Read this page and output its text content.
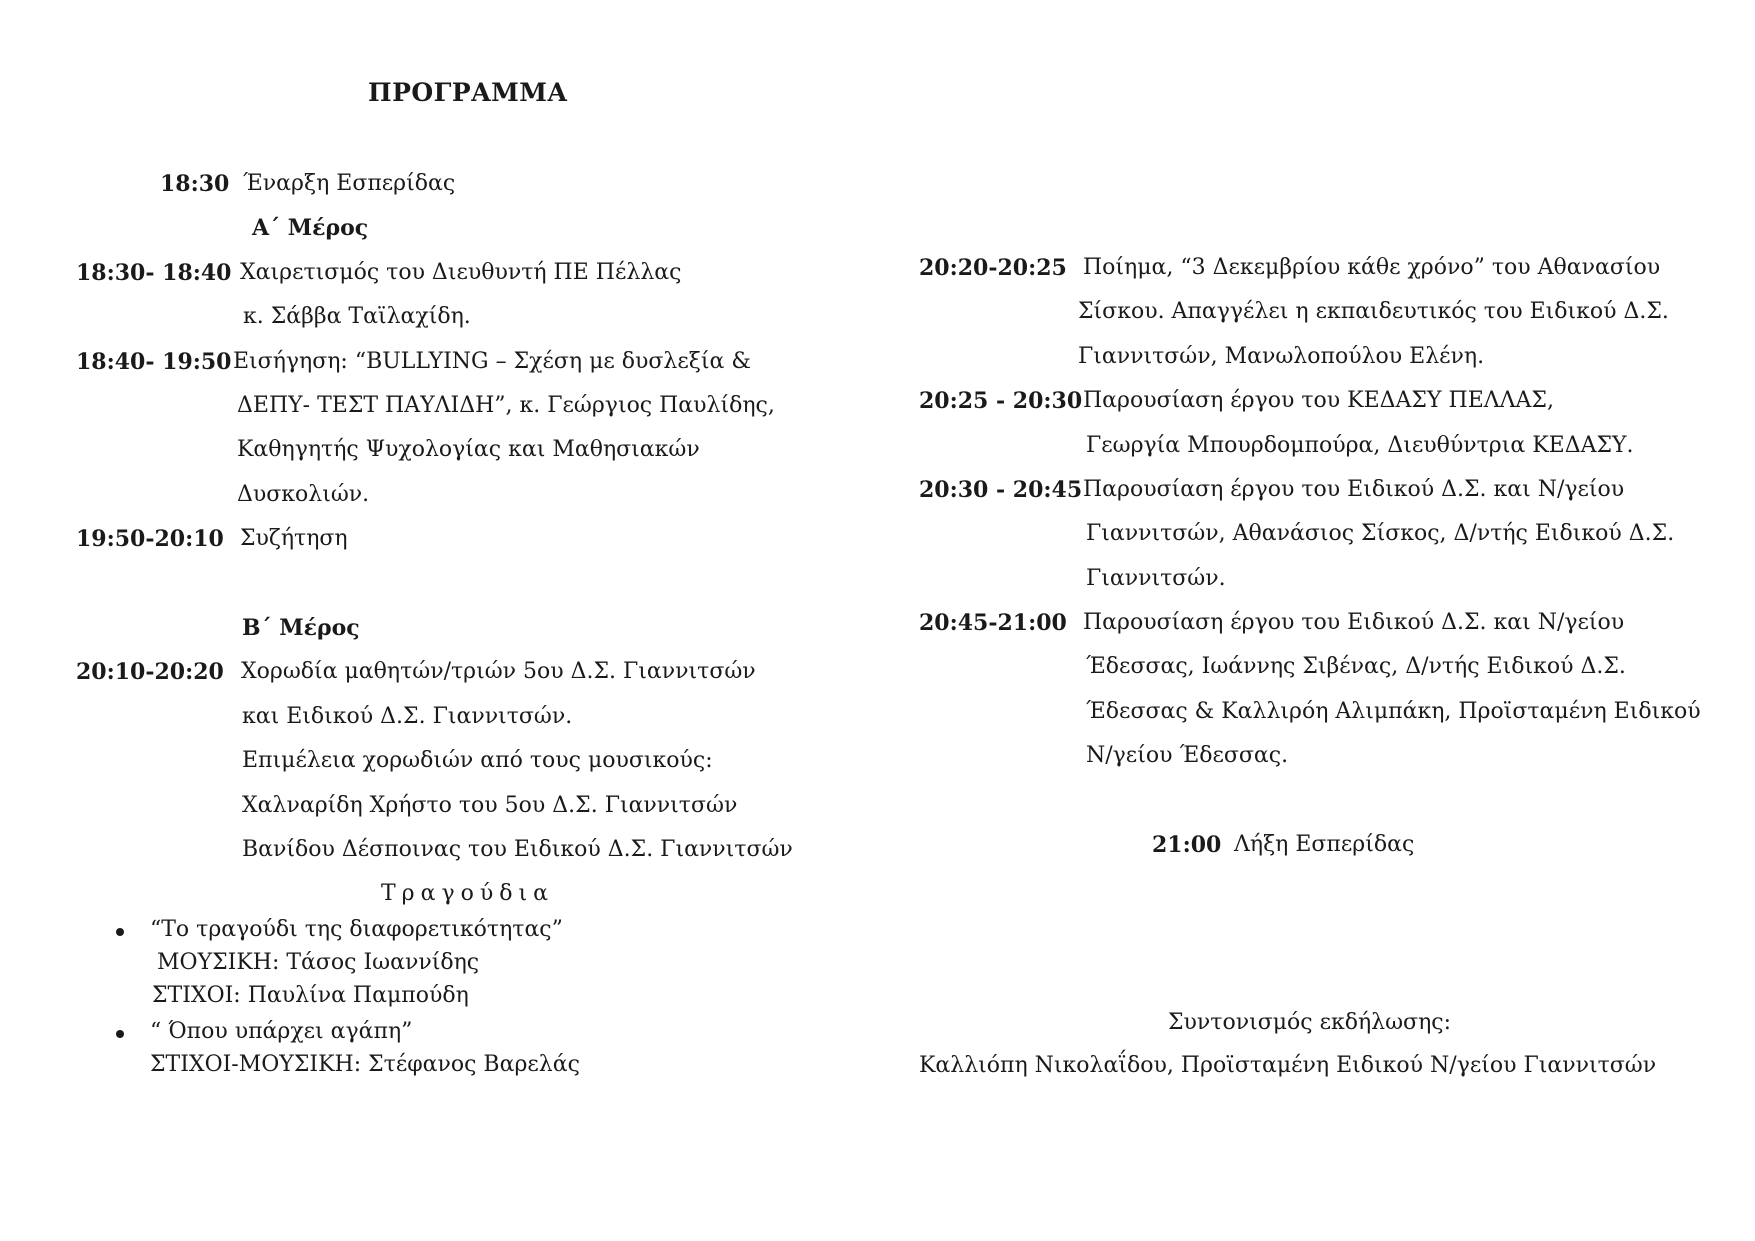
ΠΡΟΓΡΑΜΜΑ
18:30 Έναρξη Εσπερίδας
Α΄ Μέρος
18:30- 18:40 Χαιρετισμός του Διευθυντή ΠΕ Πέλλας
κ. Σάββα Ταϊλαχίδη.
18:40- 19:50 Εισήγηση: “BULLYING – Σχέση με δυσλεξία &
ΔΕΠΥ- ΤΕΣΤ ΠΑΥΛΙΔΗ”, κ. Γεώργιος Παυλίδης,
Καθηγητής Ψυχολογίας και Μαθησιακών
Δυσκολιών.
19:50-20:10 Συζήτηση
Β΄ Μέρος
20:10-20:20 Χορωδία μαθητών/τριών 5ου Δ.Σ. Γιαννιτσών
και Ειδικού Δ.Σ. Γιαννιτσών.
Επιμέλεια χορωδιών από τους μουσικούς:
Χαλναρίδη Χρήστο του 5ου Δ.Σ. Γιαννιτσών
Βανίδου Δέσποινας του Ειδικού Δ.Σ. Γιαννιτσών
Τραγούδια
“Το τραγούδι της διαφορετικότητας”
ΜΟΥΣΙΚΗ: Τάσος Ιωαννίδης
ΣΤΙΧΟΙ: Παυλίνα Παμπούδη
“ Όπου υπάρχει αγάπη”
ΣΤΙΧΟΙ-ΜΟΥΣΙΚΗ: Στέφανος Βαρελάς
20:20-20:25 Ποίημα, “3 Δεκεμβρίου κάθε χρόνο” του Αθανασίου
Σίσκου. Απαγγέλει η εκπαιδευτικός του Ειδικού Δ.Σ.
Γιαννιτσών, Μανωλοπούλου Ελένη.
20:25 - 20:30 Παρουσίαση έργου του ΚΕΔΑΣΥ ΠΕΛΛΑΣ,
Γεωργία Μπουρδομπούρα, Διευθύντρια ΚΕΔΑΣΥ.
20:30 - 20:45 Παρουσίαση έργου του Ειδικού Δ.Σ. και Ν/γείου
Γιαννιτσών, Αθανάσιος Σίσκος, Δ/ντής Ειδικού Δ.Σ.
Γιαννιτσών.
20:45-21:00 Παρουσίαση έργου του Ειδικού Δ.Σ. και Ν/γείου
Έδεσσας, Ιωάννης Σιβένας, Δ/ντής Ειδικού Δ.Σ.
Έδεσσας & Καλλιρόη Αλιμπάκη, Προϊσταμένη Ειδικού
Ν/γείου Έδεσσας.
21:00 Λήξη Εσπερίδας
Συντονισμός εκδήλωσης:
Καλλιόπη Νικολαΐδου, Προϊσταμένη Ειδικού Ν/γείου Γιαννιτσών
